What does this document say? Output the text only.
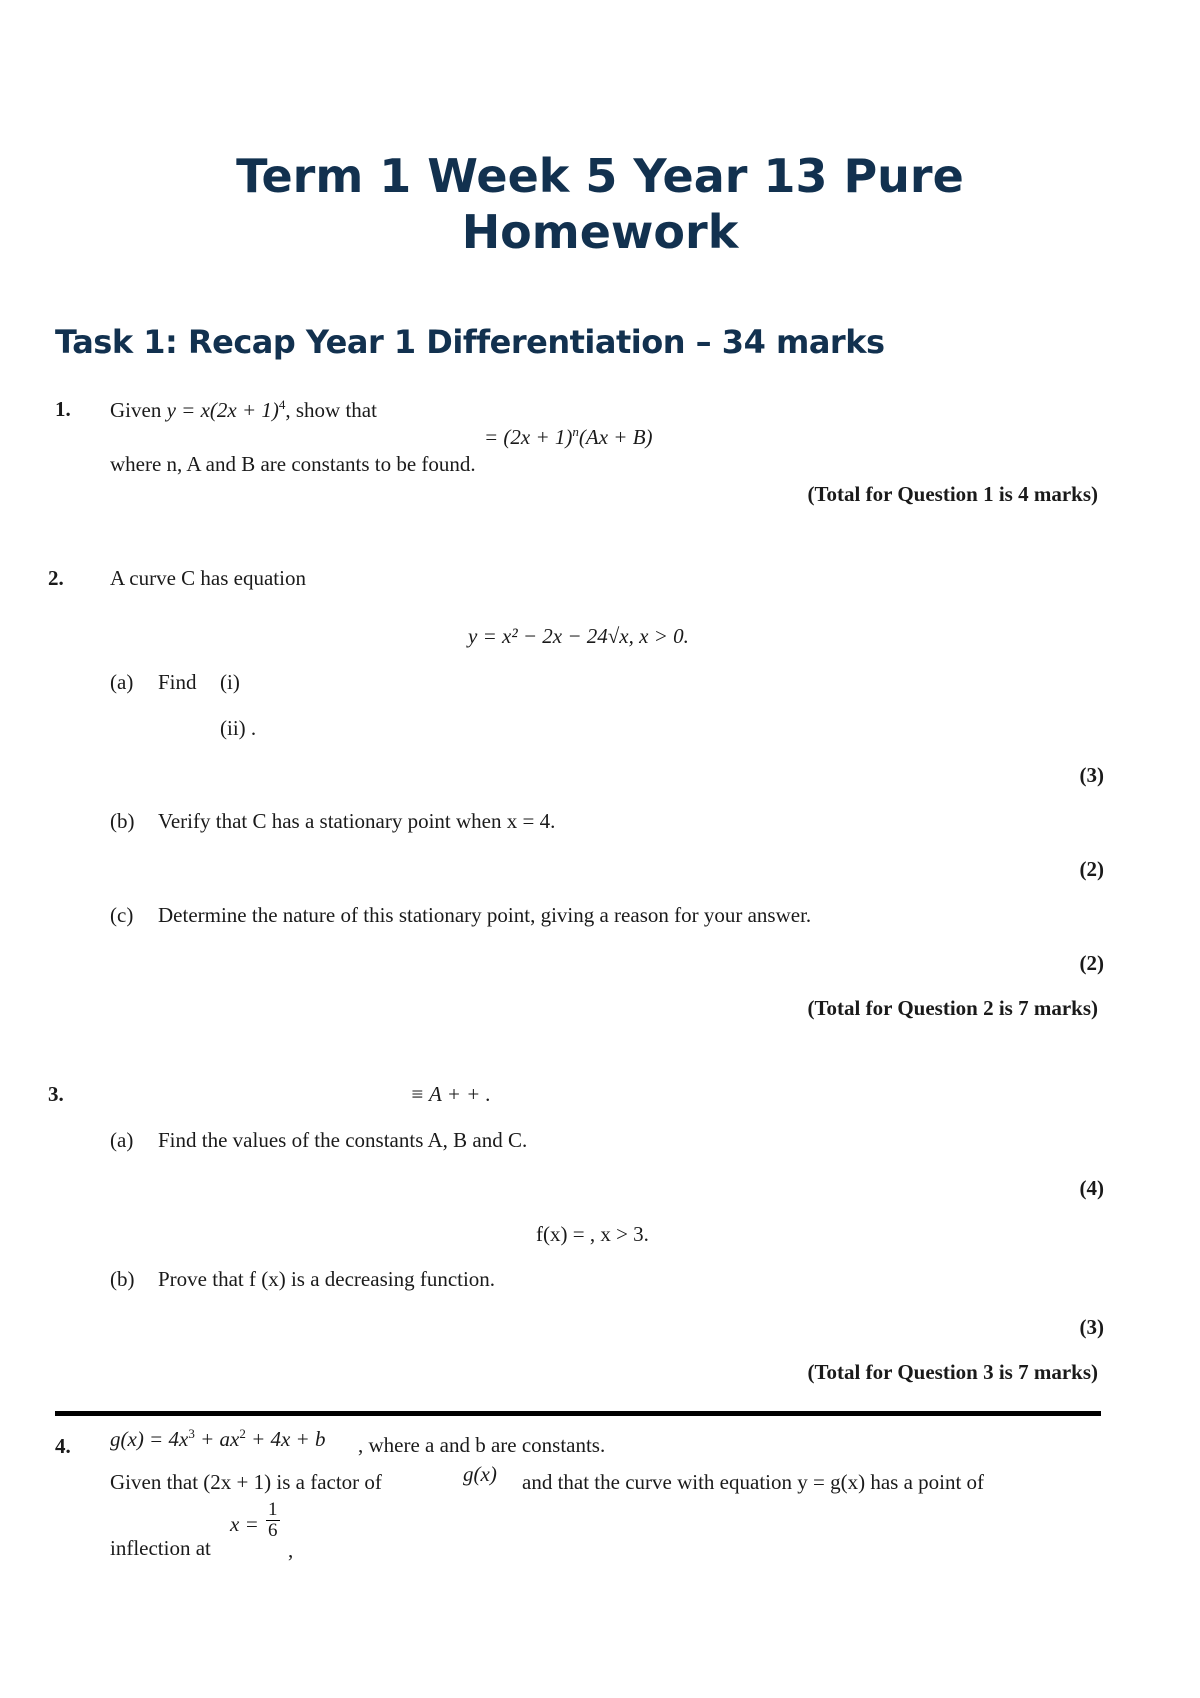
Term 1 Week 5 Year 13 Pure
Homework
Task 1: Recap Year 1 Differentiation – 34 marks
1. Given $y = x(2x + 1)^4$, show that
= $(2x + 1)^n(Ax + B)$
where n, A and B are constants to be found.
(Total for Question 1 is 4 marks)
2. A curve C has equation
y = x² − 2x − 24√x, x > 0.
(a) Find (i)
(ii) .
(3)
(b) Verify that C has a stationary point when x = 4.
(2)
(c) Determine the nature of this stationary point, giving a reason for your answer.
(2)
(Total for Question 2 is 7 marks)
3.	≡ A + + .
(a) Find the values of the constants A, B and C.
(4)
f(x) = , x > 3.
(b) Prove that f (x) is a decreasing function.
(3)
(Total for Question 3 is 7 marks)
4. $g(x) = 4x^3 + ax^2 + 4x + b$ , where a and b are constants.
Given that (2x + 1) is a factor of	g(x) and that the curve with equation y = g(x) has a point of
inflection at
$x = \frac{1}{6}$
,
